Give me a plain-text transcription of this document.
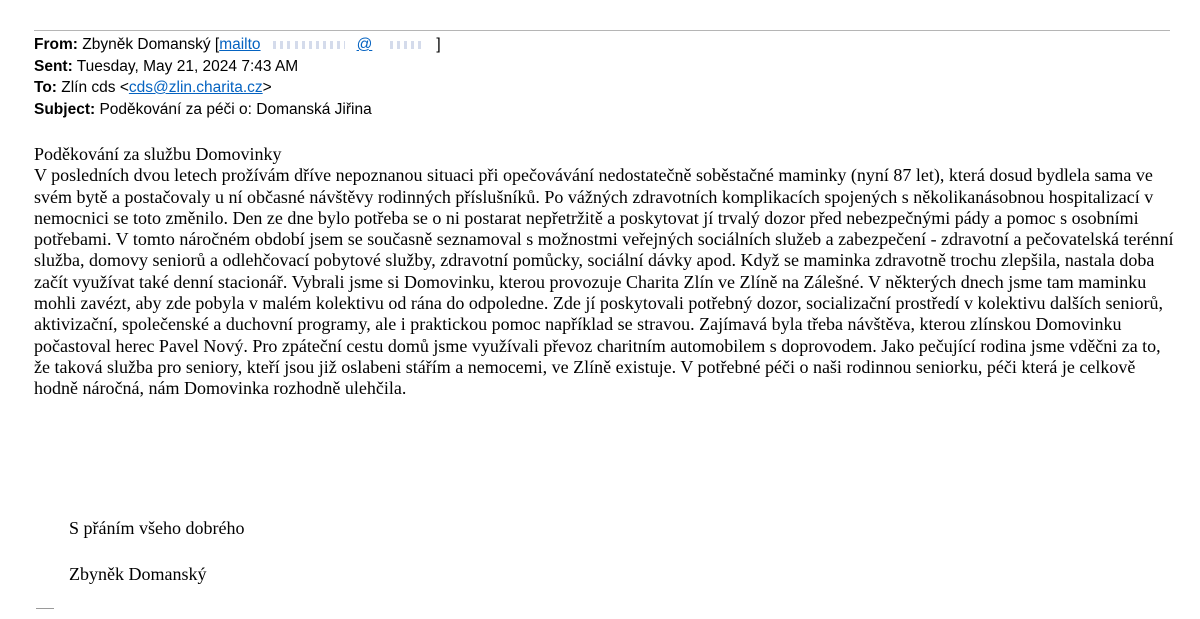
From: Zbyněk Domanský [mailto	@	]
Sent: Tuesday, May 21, 2024 7:43 AM
To: Zlín cds <cds@zlin.charita.cz>
Subject: Poděkování za péči o: Domanská Jiřina
Poděkování za službu Domovinky

V posledních dvou letech prožívám dříve nepoznanou situaci při opečovávání nedostatečně soběstačné maminky (nyní 87 let), která dosud bydlela sama ve svém bytě a postačovaly u ní občasné návštěvy rodinných příslušníků. Po vážných zdravotních komplikacích spojených s několikanásobnou hospitalizací v nemocnici se toto změnilo. Den ze dne bylo potřeba se o ni postarat nepřetržitě a poskytovat jí trvalý dozor před nebezpečnými pády a pomoc s osobními potřebami. V tomto náročném období jsem se současně seznamoval s možnostmi veřejných sociálních služeb a zabezpečení - zdravotní a pečovatelská terénní služba, domovy seniorů a odlehčovací pobytové služby, zdravotní pomůcky, sociální dávky apod. Když se maminka zdravotně trochu zlepšila, nastala doba začít využívat také denní stacionář. Vybrali jsme si Domovinku, kterou provozuje Charita Zlín ve Zlíně na Zálešné. V některých dnech jsme tam maminku mohli zavézt, aby zde pobyla v malém kolektivu od rána do odpoledne. Zde jí poskytovali potřebný dozor, socializační prostředí v kolektivu dalších seniorů, aktivizační, společenské a duchovní programy, ale i praktickou pomoc například se stravou. Zajímavá byla třeba návštěva, kterou zlínskou Domovinku počastoval herec Pavel Nový. Pro zpáteční cestu domů jsme využívali převoz charitním automobilem s doprovodem. Jako pečující rodina jsme vděčni za to, že taková služba pro seniory, kteří jsou již oslabeni stářím a nemocemi, ve Zlíně existuje. V potřebné péči o naši rodinnou seniorku, péči která je celkově hodně náročná, nám Domovinka rozhodně ulehčila.

S přáním všeho dobrého
Zbyněk Domanský
